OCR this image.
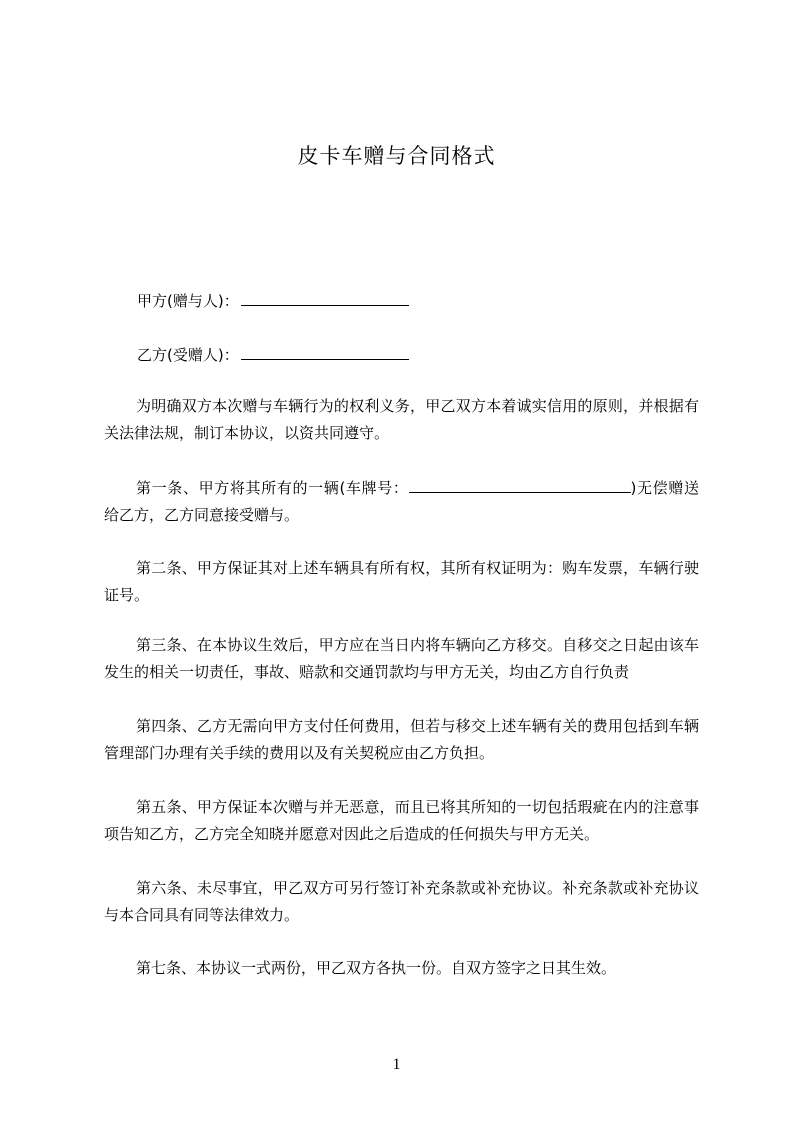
皮卡车赠与合同格式
甲方(赠与人)：
乙方(受赠人)：

为明确双方本次赠与车辆行为的权利义务，甲乙双方本着诚实信用的原则，并根据有关法律法规，制订本协议，以资共同遵守。

第一条、甲方将其所有的一辆(车牌号：	)无偿赠送给乙方，乙方同意接受赠与。

第二条、甲方保证其对上述车辆具有所有权，其所有权证明为：购车发票，车辆行驶证号。

第三条、在本协议生效后，甲方应在当日内将车辆向乙方移交。自移交之日起由该车发生的相关一切责任，事故、赔款和交通罚款均与甲方无关，均由乙方自行负责

第四条、乙方无需向甲方支付任何费用，但若与移交上述车辆有关的费用包括到车辆管理部门办理有关手续的费用以及有关契税应由乙方负担。

第五条、甲方保证本次赠与并无恶意，而且已将其所知的一切包括瑕疵在内的注意事项告知乙方，乙方完全知晓并愿意对因此之后造成的任何损失与甲方无关。

第六条、未尽事宜，甲乙双方可另行签订补充条款或补充协议。补充条款或补充协议与本合同具有同等法律效力。

第七条、本协议一式两份，甲乙双方各执一份。自双方签字之日其生效。

1
